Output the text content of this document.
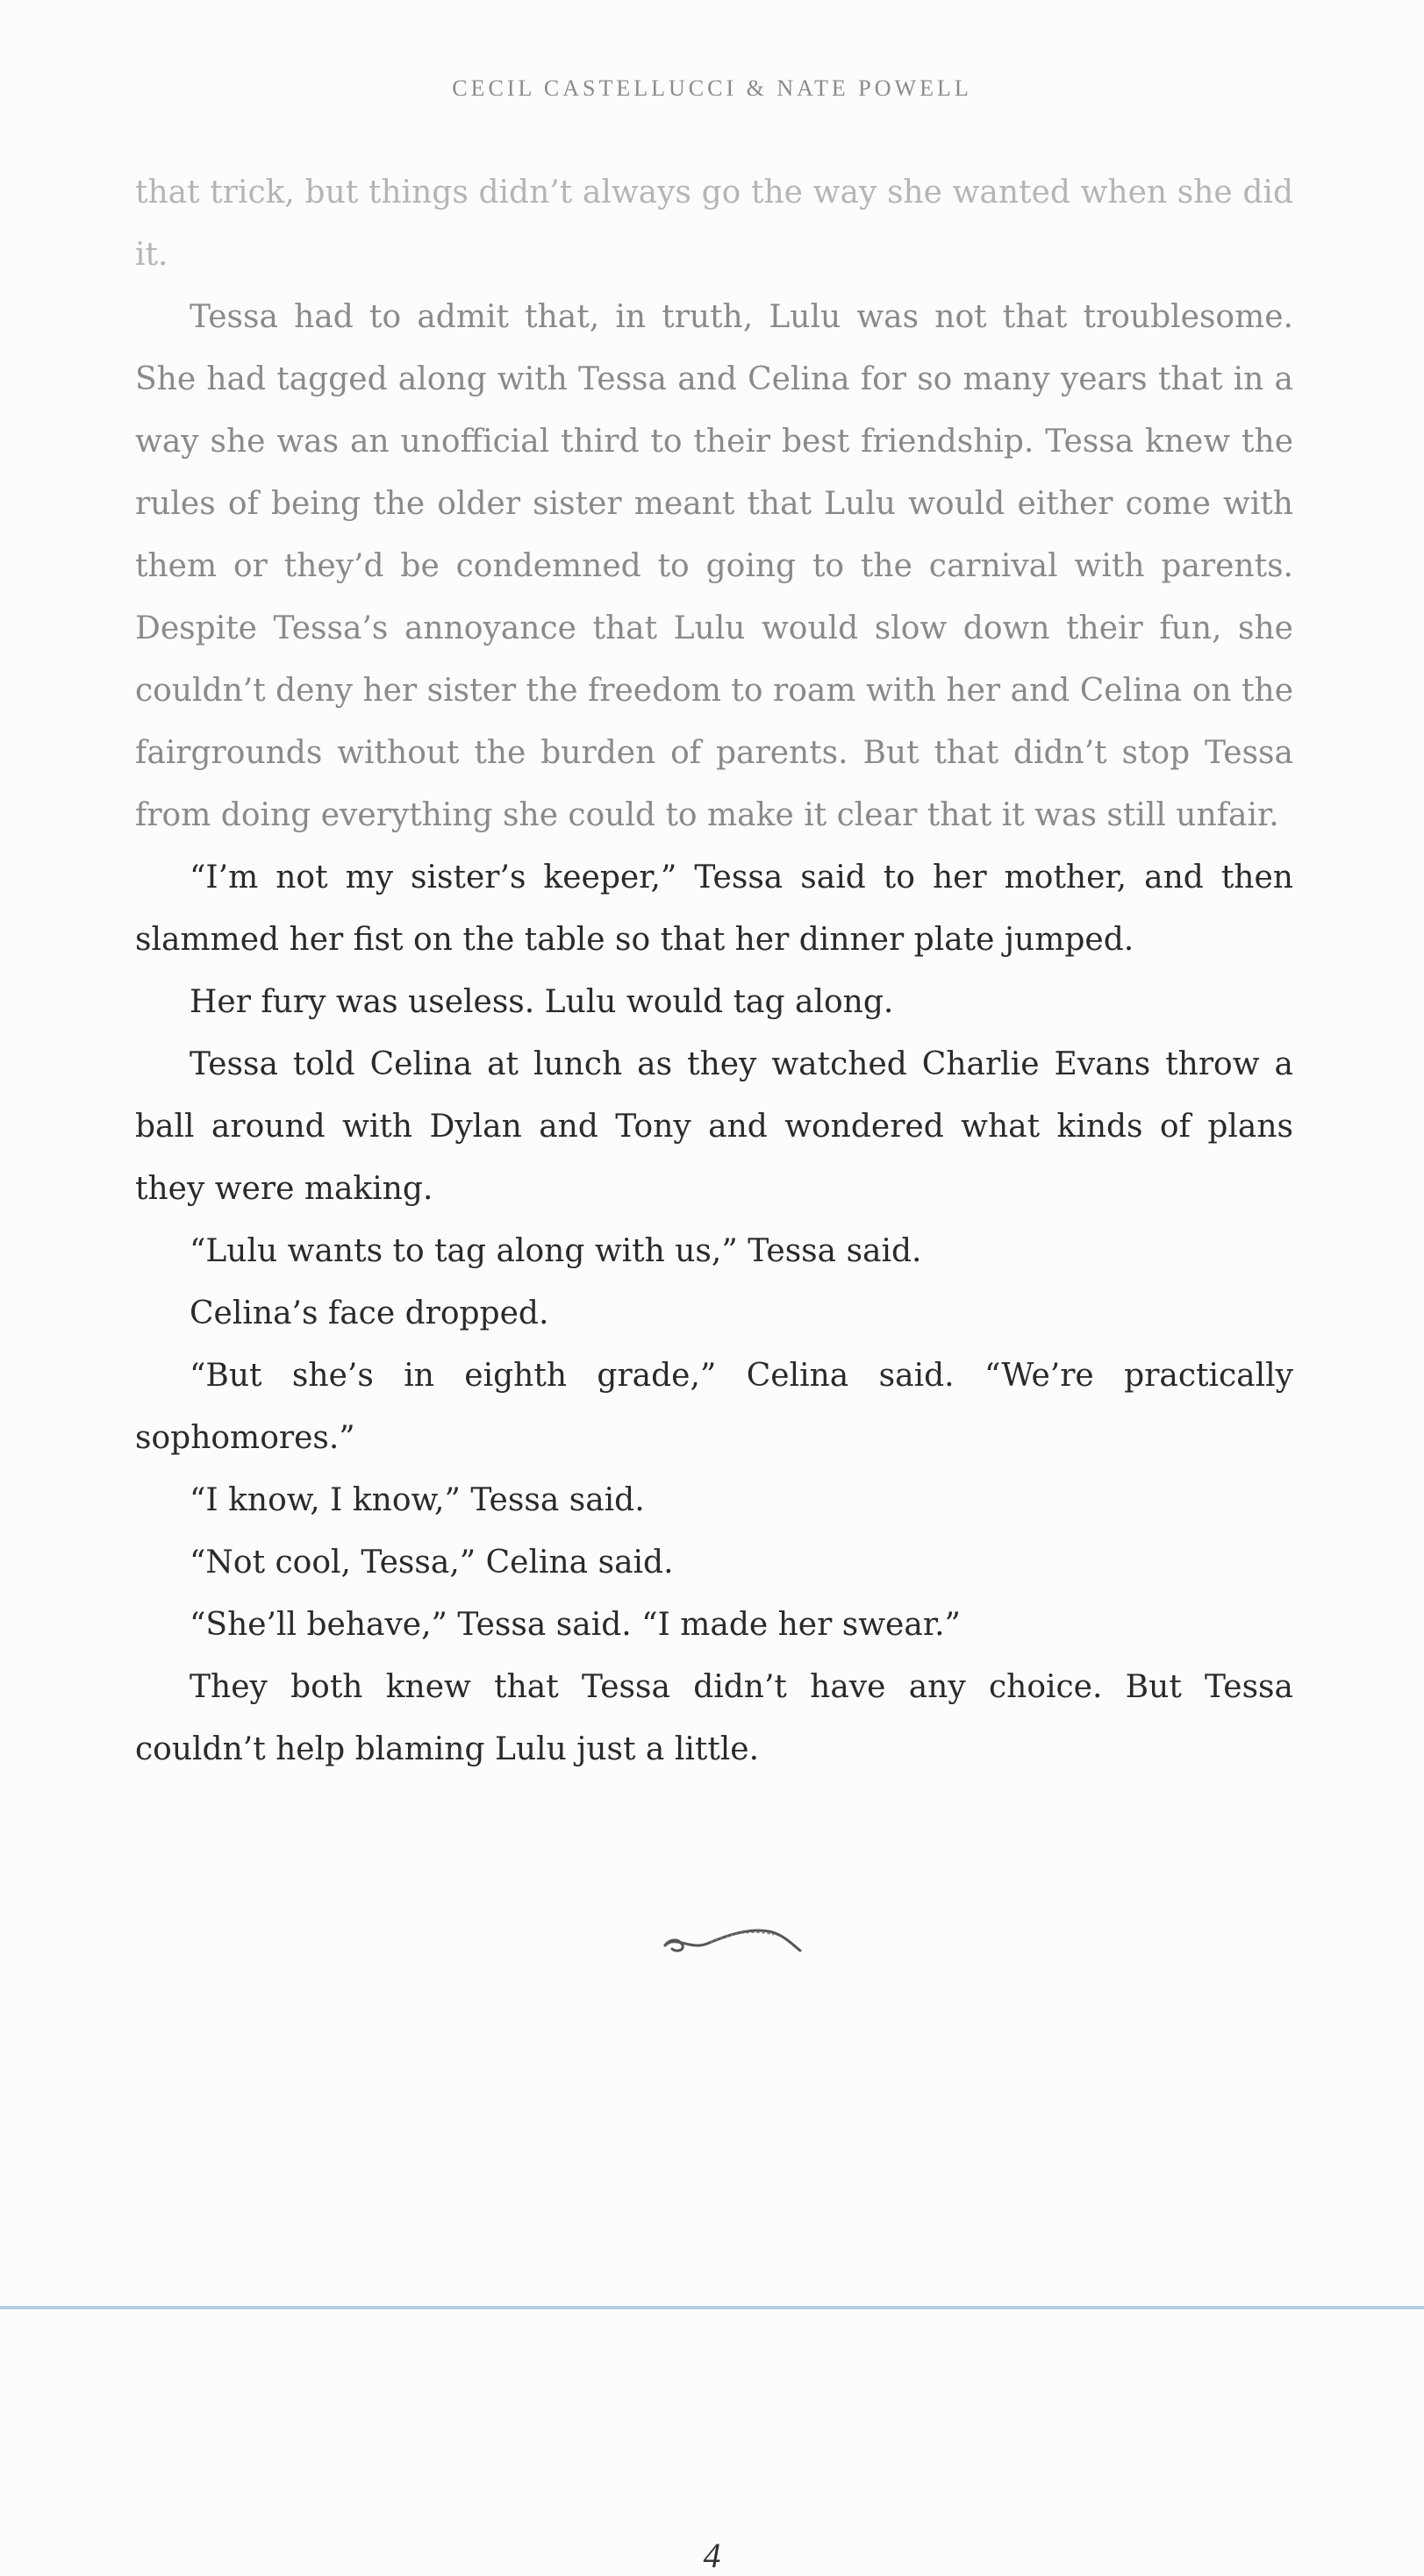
CECIL CASTELLUCCI & NATE POWELL

that trick, but things didn’t always go the way she wanted when she did it.

Tessa had to admit that, in truth, Lulu was not that troublesome. She had tagged along with Tessa and Celina for so many years that in a way she was an unofficial third to their best friendship. Tessa knew the rules of being the older sister meant that Lulu would either come with them or they’d be condemned to going to the carnival with parents. Despite Tessa’s annoyance that Lulu would slow down their fun, she couldn’t deny her sister the freedom to roam with her and Celina on the fairgrounds without the burden of parents. But that didn’t stop Tessa from doing everything she could to make it clear that it was still unfair.

“I’m not my sister’s keeper,” Tessa said to her mother, and then slammed her fist on the table so that her dinner plate jumped.

Her fury was useless. Lulu would tag along.

Tessa told Celina at lunch as they watched Charlie Evans throw a ball around with Dylan and Tony and wondered what kinds of plans they were making.

“Lulu wants to tag along with us,” Tessa said.

Celina’s face dropped.

“But she’s in eighth grade,” Celina said. “We’re practically sophomores.”

“I know, I know,” Tessa said.

“Not cool, Tessa,” Celina said.

“She’ll behave,” Tessa said. “I made her swear.”

They both knew that Tessa didn’t have any choice. But Tessa couldn’t help blaming Lulu just a little.

4
